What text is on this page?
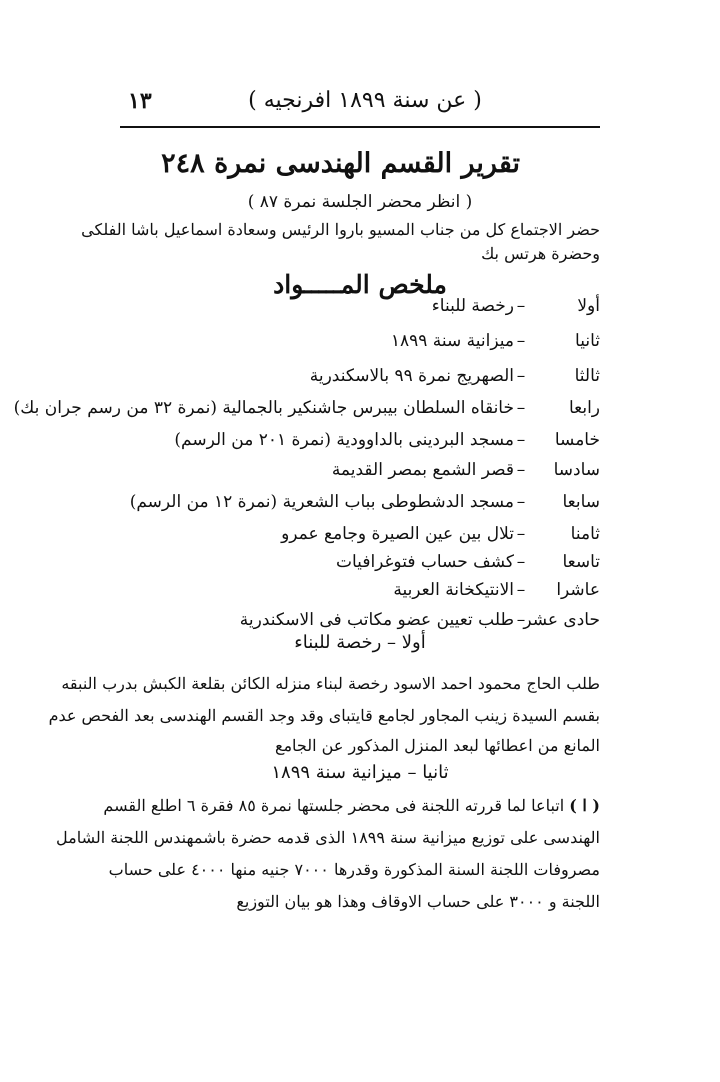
١٣	( عن سنة ١٨٩٩ افرنجيه )
تقرير القسم الهندسى نمرة ٢٤٨
( انظر محضر الجلسة نمرة ٨٧ )
حضر الاجتماع كل من جناب المسيو باروا الرئيس وسعادة اسماعيل باشا الفلكى
وحضرة هرتس بك
ملخص المـــــواد
أولا–رخصة للبناء
ثانيا–ميزانية سنة ١٨٩٩
ثالثا–الصهريج نمرة ٩٩ بالاسكندرية
رابعا–خانقاه السلطان بيبرس جاشنكير بالجمالية (نمرة ٣٢ من رسم جران بك)
خامسا–مسجد البردينى بالداوودية (نمرة ٢٠١ من الرسم)
سادسا–قصر الشمع بمصر القديمة
سابعا–مسجد الدشطوطى بباب الشعرية (نمرة ١٢ من الرسم)
ثامنا–تلال بين عين الصيرة وجامع عمرو
تاسعا–كشف حساب فتوغرافيات
عاشرا–الانتيكخانة العربية
حادى عشر–طلب تعيين عضو مكاتب فى الاسكندرية
أولا – رخصة للبناء
طلب الحاج محمود احمد الاسود رخصة لبناء منزله الكائن بقلعة الكبش بدرب النبقه
بقسم السيدة زينب المجاور لجامع قايتباى وقد وجد القسم الهندسى بعد الفحص عدم
المانع من اعطائها لبعد المنزل المذكور عن الجامع
ثانيا – ميزانية سنة ١٨٩٩
( ا ) اتباعا لما قررته اللجنة فى محضر جلستها نمرة ٨٥ فقرة ٦ اطلع القسم
الهندسى على توزيع ميزانية سنة ١٨٩٩ الذى قدمه حضرة باشمهندس اللجنة الشامل
مصروفات اللجنة السنة المذكورة وقدرها ٧٠٠٠ جنيه منها ٤٠٠٠ على حساب
اللجنة و ٣٠٠٠ على حساب الاوقاف وهذا هو بيان التوزيع
